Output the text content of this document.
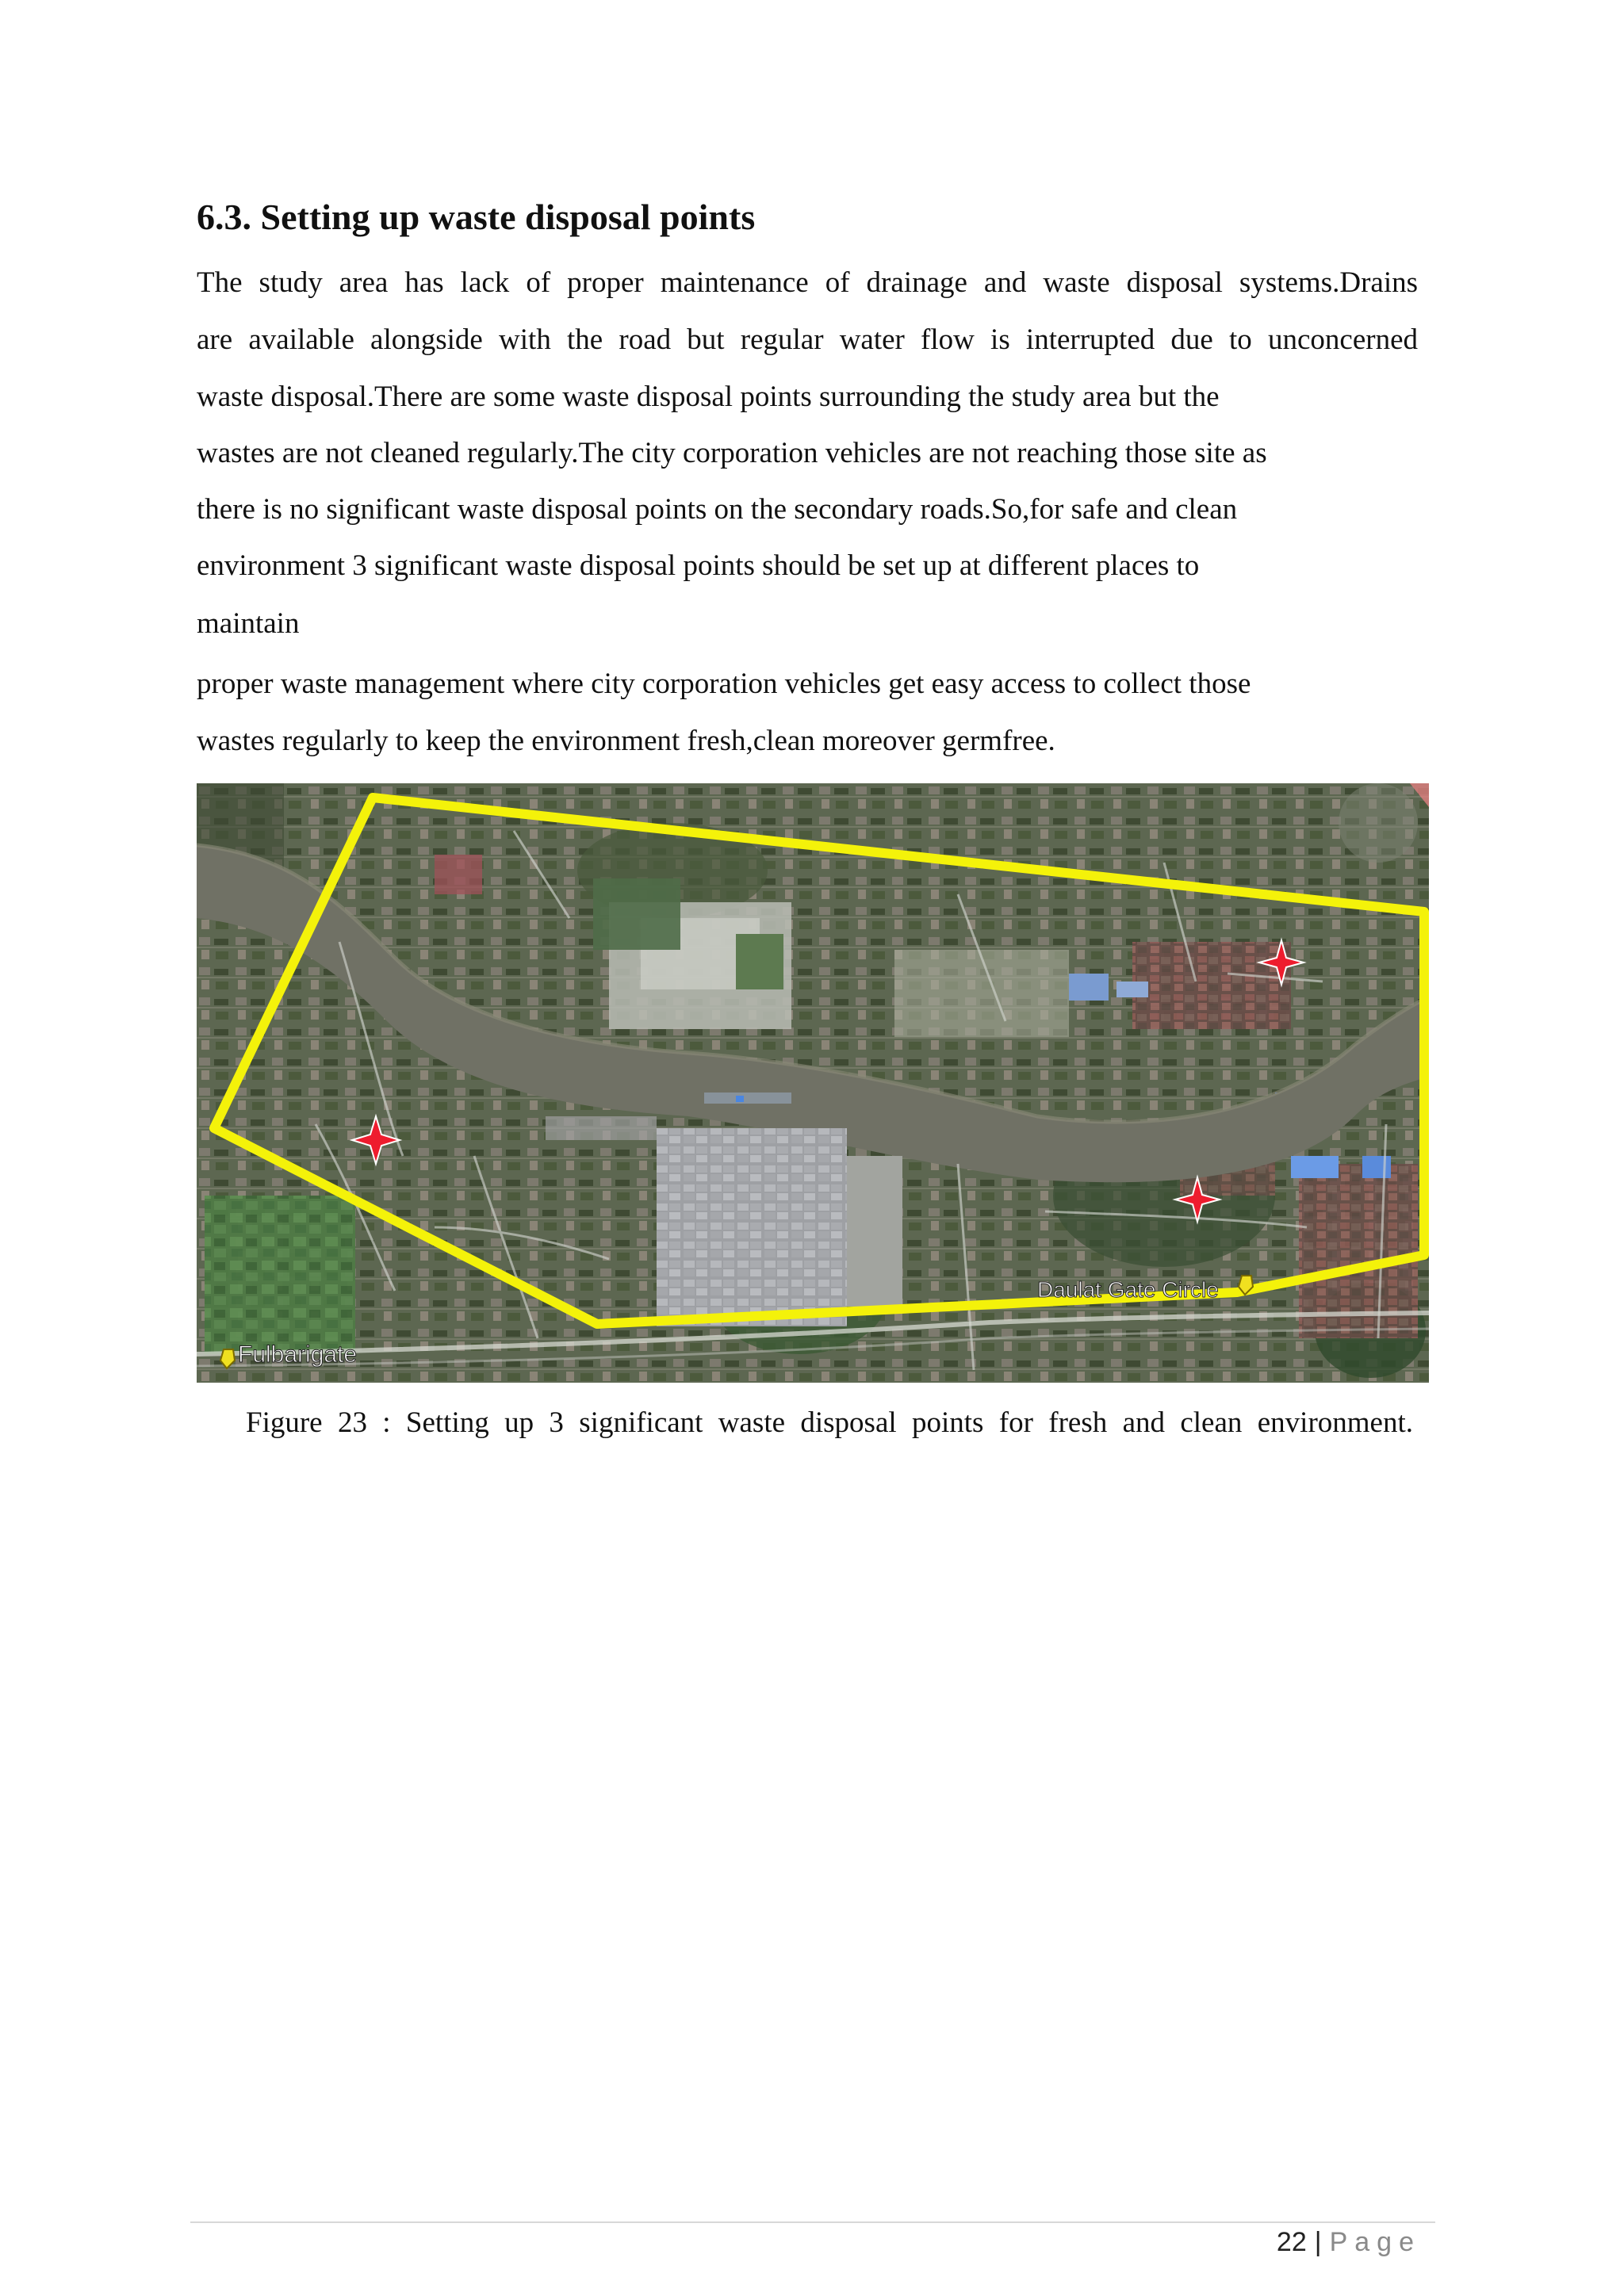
6.3. Setting up waste disposal points
The study area has lack of proper maintenance of drainage and waste disposal systems.Drains
are available alongside with the road but regular water flow is interrupted due to unconcerned
waste disposal.There are some waste disposal points surrounding the study area but the
wastes are not cleaned regularly.The city corporation vehicles are not reaching those site as
there is no significant waste disposal points on the secondary roads.So,for safe and clean
environment 3 significant waste disposal points should be set up at different places to
maintain
proper waste management where city corporation vehicles get easy access to collect those
wastes regularly to keep the environment fresh,clean moreover germfree.
Daulat Gate Circle
Fulbarigate
Figure 23 : Setting up 3 significant waste disposal points for fresh and clean environment.
22 | Page
